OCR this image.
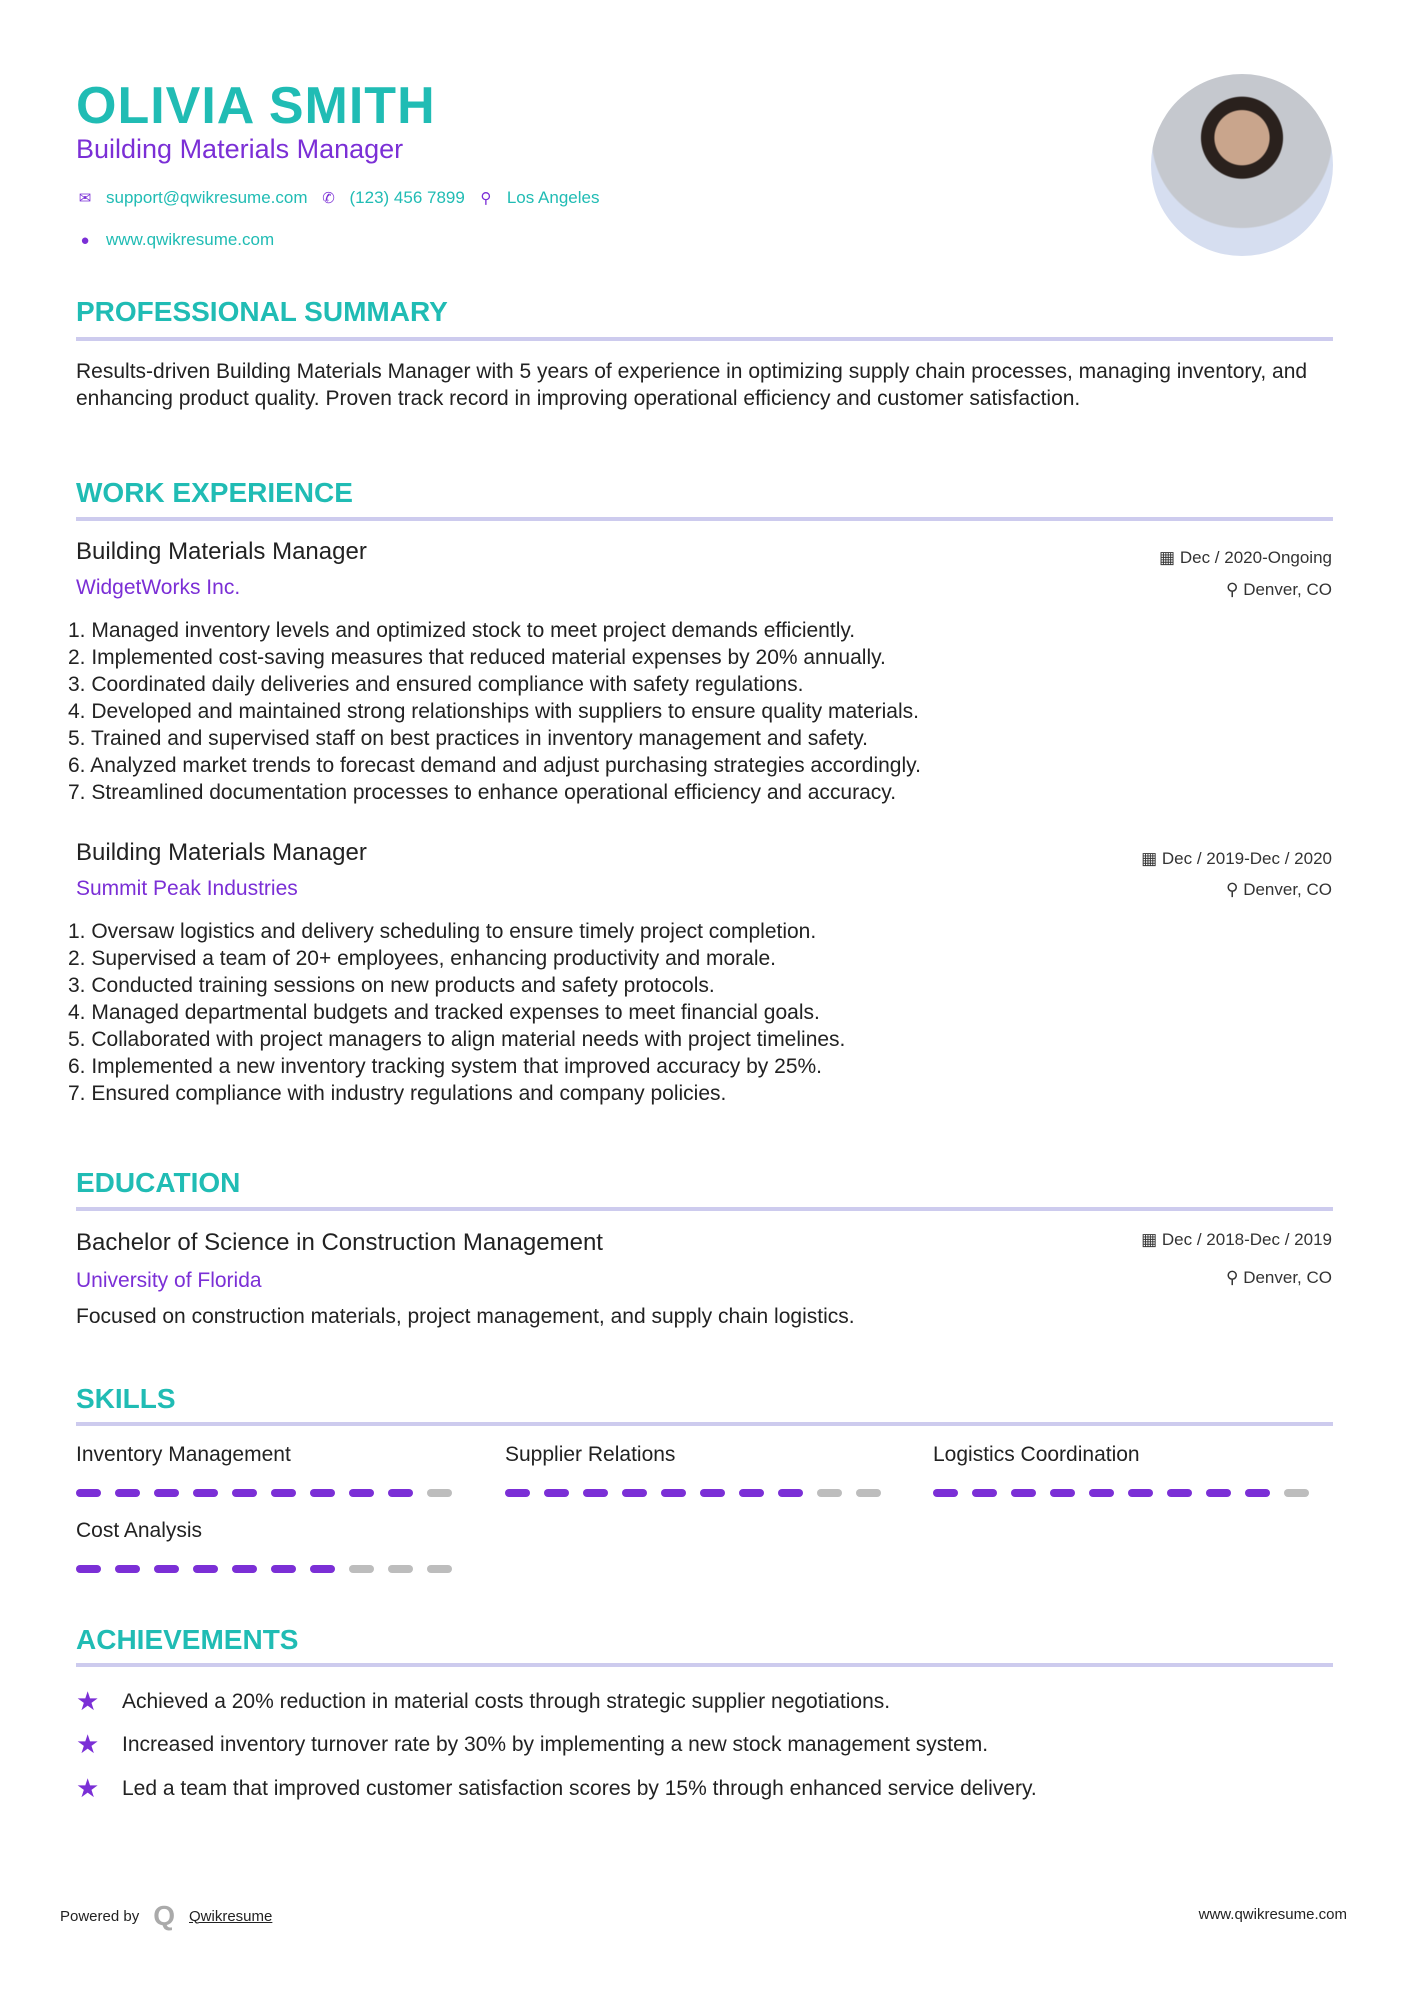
OLIVIA SMITH
Building Materials Manager
✉ support@qwikresume.com ✆ (123) 456 7899	⚲ Los Angeles
● www.qwikresume.com
PROFESSIONAL SUMMARY
Results-driven Building Materials Manager with 5 years of experience in optimizing supply chain processes, managing inventory, and enhancing product quality. Proven track record in improving operational efficiency and customer satisfaction.
WORK EXPERIENCE
Building Materials Manager
WidgetWorks Inc.
▦ Dec / 2020-Ongoing
⚲ Denver, CO
1. Managed inventory levels and optimized stock to meet project demands efficiently.
2. Implemented cost-saving measures that reduced material expenses by 20% annually.
3. Coordinated daily deliveries and ensured compliance with safety regulations.
4. Developed and maintained strong relationships with suppliers to ensure quality materials.
5. Trained and supervised staff on best practices in inventory management and safety.
6. Analyzed market trends to forecast demand and adjust purchasing strategies accordingly.
7. Streamlined documentation processes to enhance operational efficiency and accuracy.
Building Materials Manager
Summit Peak Industries
▦ Dec / 2019-Dec / 2020
⚲ Denver, CO
1. Oversaw logistics and delivery scheduling to ensure timely project completion.
2. Supervised a team of 20+ employees, enhancing productivity and morale.
3. Conducted training sessions on new products and safety protocols.
4. Managed departmental budgets and tracked expenses to meet financial goals.
5. Collaborated with project managers to align material needs with project timelines.
6. Implemented a new inventory tracking system that improved accuracy by 25%.
7. Ensured compliance with industry regulations and company policies.
EDUCATION
Bachelor of Science in Construction Management
University of Florida
▦ Dec / 2018-Dec / 2019
⚲ Denver, CO
Focused on construction materials, project management, and supply chain logistics.
SKILLS
Inventory Management	Supplier Relations	Logistics Coordination
Cost Analysis
ACHIEVEMENTS
★	Achieved a 20% reduction in material costs through strategic supplier negotiations.
★	Increased inventory turnover rate by 30% by implementing a new stock management system.
★	Led a team that improved customer satisfaction scores by 15% through enhanced service delivery.
Powered by Q Qwikresume	www.qwikresume.com
